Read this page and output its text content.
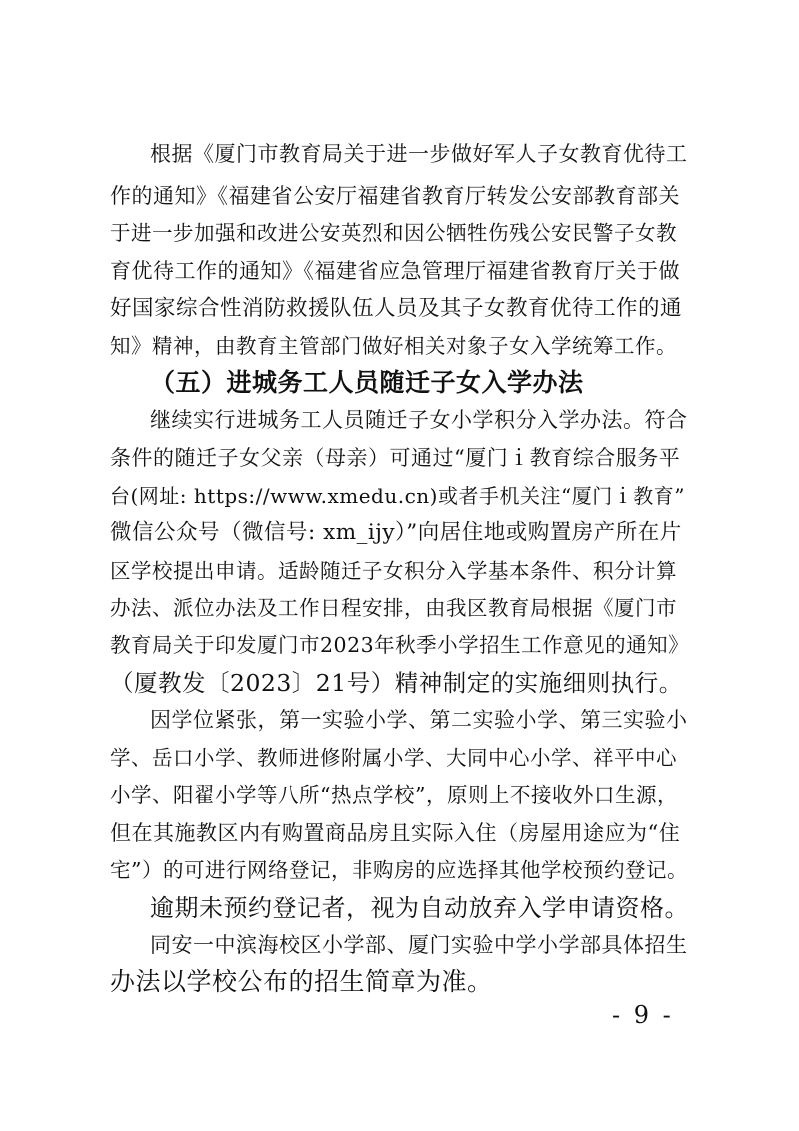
根据《厦门市教育局关于进一步做好军人子女教育优待工
作的通知》《福建省公安厅福建省教育厅转发公安部教育部关
于进一步加强和改进公安英烈和因公牺牲伤残公安民警子女教
育优待工作的通知》《福建省应急管理厅福建省教育厅关于做
好国家综合性消防救援队伍人员及其子女教育优待工作的通
知》精神，由教育主管部门做好相关对象子女入学统筹工作。
（五）进城务工人员随迁子女入学办法
继续实行进城务工人员随迁子女小学积分入学办法。符合
条件的随迁子女父亲（母亲）可通过“厦门ｉ教育综合服务平
台(网址: https://www.xmedu.cn)或者手机关注“厦门ｉ教育”
微信公众号（微信号: xm_ijy）”向居住地或购置房产所在片
区学校提出申请。适龄随迁子女积分入学基本条件、积分计算
办法、派位办法及工作日程安排，由我区教育局根据《厦门市
教育局关于印发厦门市2023年秋季小学招生工作意见的通知》
（厦教发〔2023〕21号）精神制定的实施细则执行。
因学位紧张，第一实验小学、第二实验小学、第三实验小
学、岳口小学、教师进修附属小学、大同中心小学、祥平中心
小学、阳翟小学等八所“热点学校”，原则上不接收外口生源，
但在其施教区内有购置商品房且实际入住（房屋用途应为“住
宅”）的可进行网络登记，非购房的应选择其他学校预约登记。
逾期未预约登记者，视为自动放弃入学申请资格。
同安一中滨海校区小学部、厦门实验中学小学部具体招生
办法以学校公布的招生简章为准。
- 9 -
